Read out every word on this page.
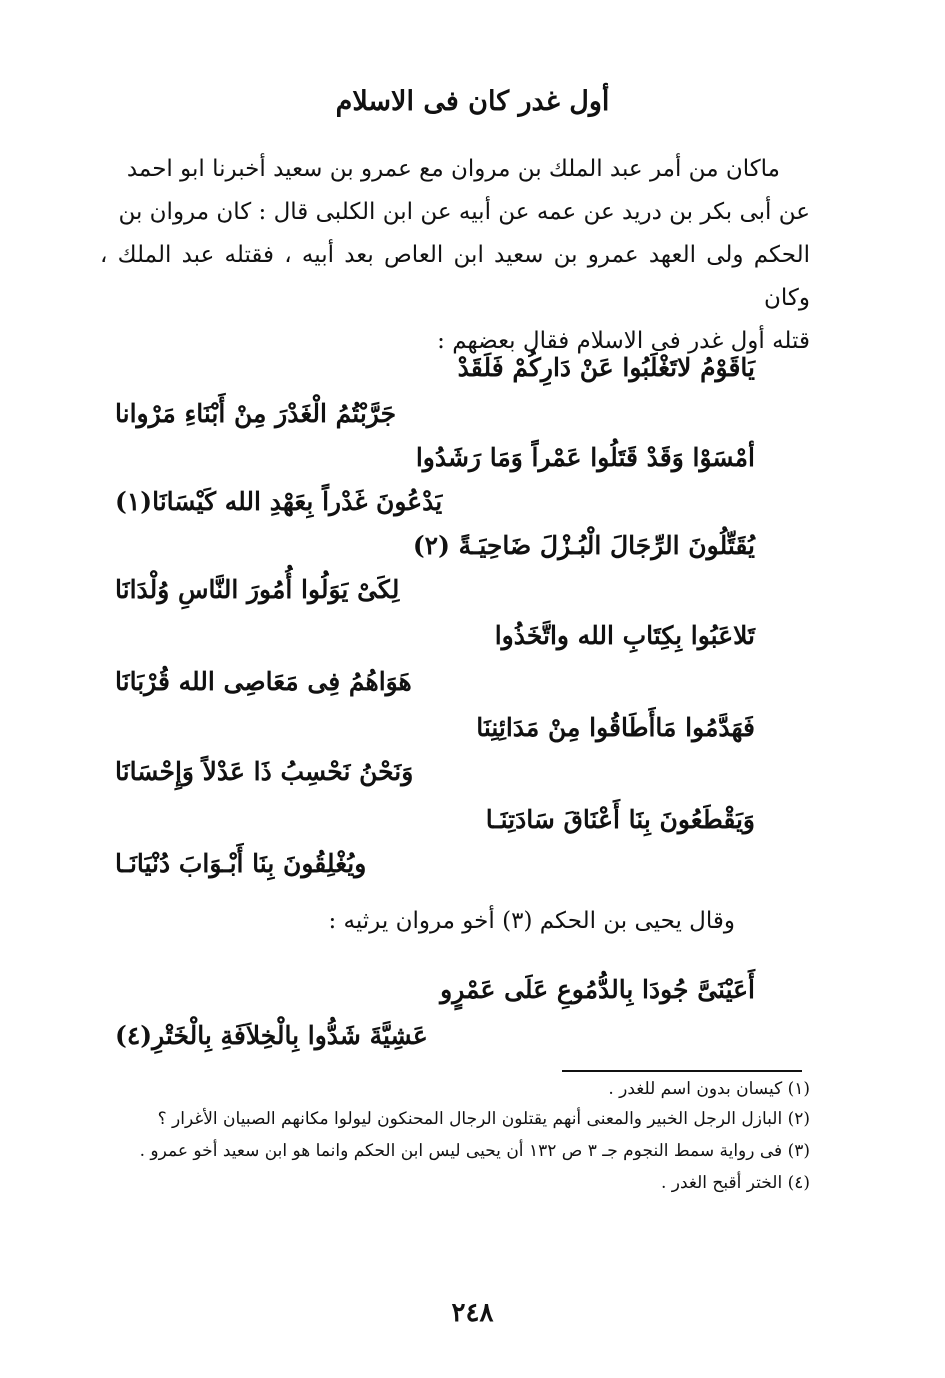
أول غدر كان فى الاسلام

ماكان من أمر عبد الملك بن مروان مع عمرو بن سعيد أخبرنا ابو احمد

عن أبى بكر بن دريد عن عمه عن أبيه عن ابن الكلبى قال : كان مروان بن

الحكم ولى العهد عمرو بن سعيد ابن العاص بعد أبيه ، فقتله عبد الملك ، وكان

قتله أول غدر فى الاسلام فقال بعضهم :

يَاقَوْمُ لاتَغْلَبُوا عَنْ دَارِكُمْ فَلَقَدْ
جَرَّبْتُمُ الْغَدْرَ مِنْ أَبْنَاءِ مَرْوانا
أمْسَوْا وَقَدْ قَتَلُوا عَمْراً وَمَا رَشَدُوا
يَدْعُونَ غَدْراً بِعَهْدِ الله كَيْسَانَا(١)
يُقَتِّلُونَ الرِّجَالَ الْبُـزْلَ ضَاحِيَـةً (٢)
لِكَىْ يَوَلُوا أُمُورَ النَّاسِ وُلْدَانَا
تَلاعَبُوا بِكِتَابِ الله واتَّخَذُوا
هَوَاهُمُ فِى مَعَاصِى الله قُرْبَانَا
فَهَدَّمُوا مَاأَطَاقُوا مِنْ مَدَائِنِنَا
وَنَحْنُ نَحْسِبُ ذَا عَدْلاً وَإِحْسَانَا
وَيَقْطَعُونَ بِنَا أَعْنَاقَ سَادَتِنَـا
ويُغْلِقُونَ بِنَا أَبْـوَابَ دُنْيَانَـا
وقال يحيى بن الحكم (٣) أخو مروان يرثيه :
أَعَيْنَىَّ جُودَا بِالدُّمُوعِ عَلَى عَمْرٍو
عَشِيَّةَ شَدُّوا بِالْخِلاَفَةِ بِالْخَتْرِ(٤)
(١) كيسان بدون اسم للغدر .
(٢) البازل الرجل الخبير والمعنى أنهم يقتلون الرجال المحنكون ليولوا مكانهم الصبيان الأغرار ؟
(٣) فى رواية سمط النجوم جـ ٣ ص ١٣٢ أن يحيى ليس ابن الحكم وانما هو ابن سعيد أخو عمرو .
(٤) الختر أقبح الغدر .
٢٤٨
